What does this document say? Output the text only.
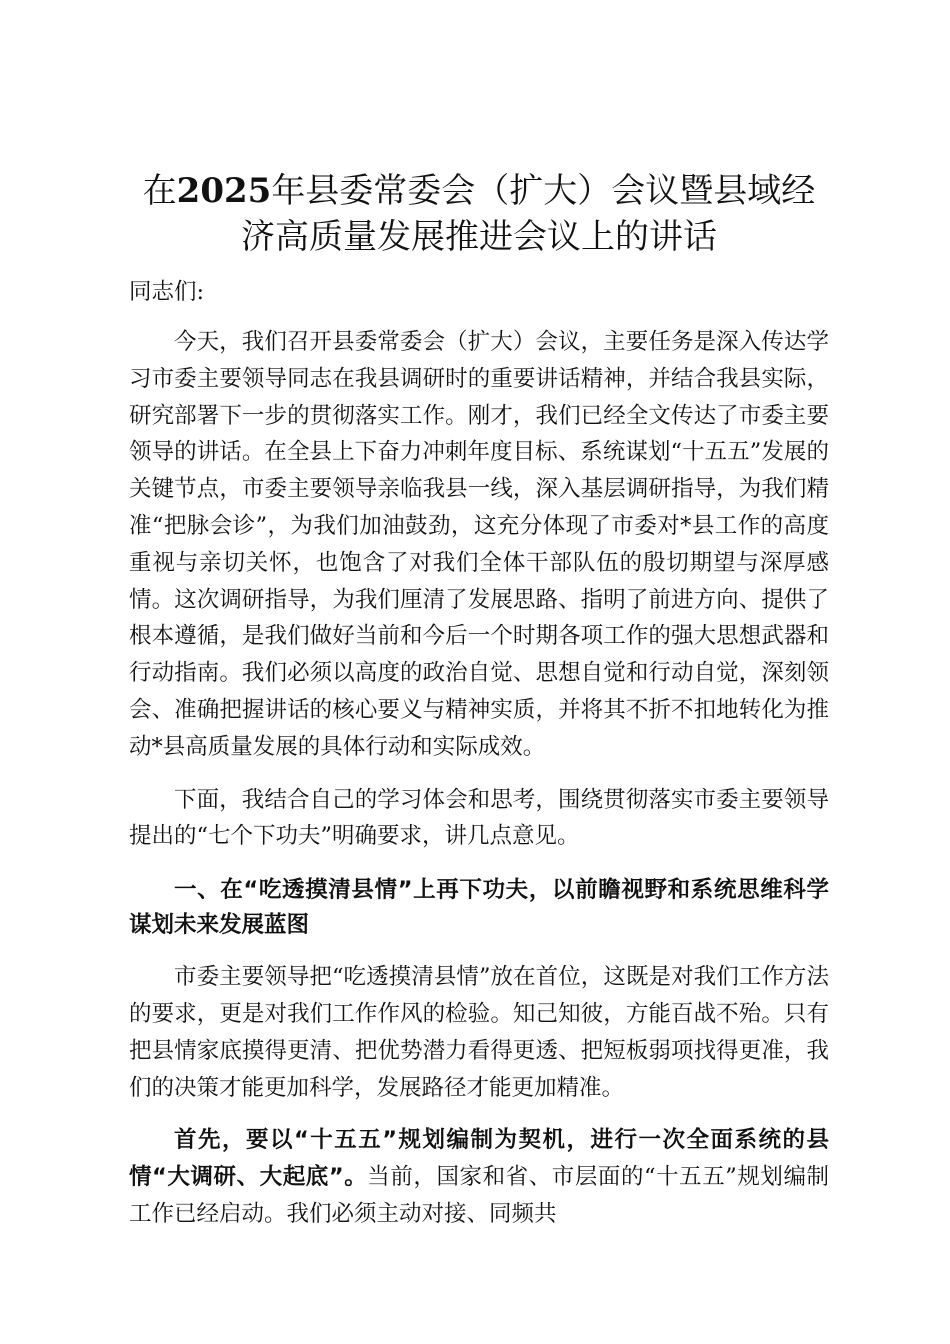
在2025年县委常委会（扩大）会议暨县域经
济高质量发展推进会议上的讲话
同志们:

今天，我们召开县委常委会（扩大）会议，主要任务是深入传达学习市委主要领导同志在我县调研时的重要讲话精神，并结合我县实际，研究部署下一步的贯彻落实工作。刚才，我们已经全文传达了市委主要领导的讲话。在全县上下奋力冲刺年度目标、系统谋划“十五五”发展的关键节点，市委主要领导亲临我县一线，深入基层调研指导，为我们精准“把脉会诊”，为我们加油鼓劲，这充分体现了市委对*县工作的高度重视与亲切关怀，也饱含了对我们全体干部队伍的殷切期望与深厚感情。这次调研指导，为我们厘清了发展思路、指明了前进方向、提供了根本遵循，是我们做好当前和今后一个时期各项工作的强大思想武器和行动指南。我们必须以高度的政治自觉、思想自觉和行动自觉，深刻领会、准确把握讲话的核心要义与精神实质，并将其不折不扣地转化为推动*县高质量发展的具体行动和实际成效。

下面，我结合自己的学习体会和思考，围绕贯彻落实市委主要领导提出的“七个下功夫”明确要求，讲几点意见。

一、在“吃透摸清县情”上再下功夫，以前瞻视野和系统思维科学谋划未来发展蓝图

市委主要领导把“吃透摸清县情”放在首位，这既是对我们工作方法的要求，更是对我们工作作风的检验。知己知彼，方能百战不殆。只有把县情家底摸得更清、把优势潜力看得更透、把短板弱项找得更准，我们的决策才能更加科学，发展路径才能更加精准。

首先，要以“十五五”规划编制为契机，进行一次全面系统的县情“大调研、大起底”。当前，国家和省、市层面的“十五五”规划编制工作已经启动。我们必须主动对接、同频共
